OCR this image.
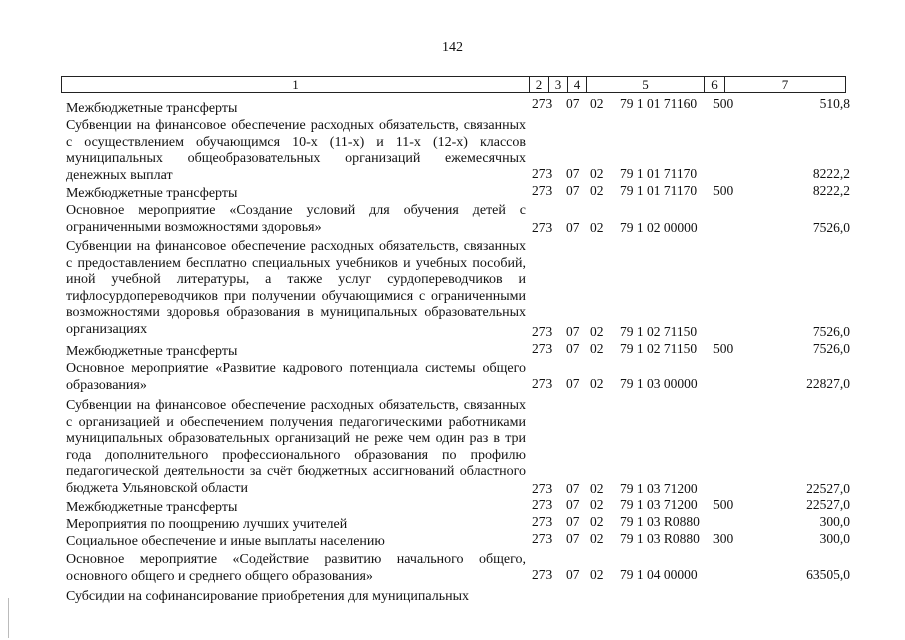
142
1	2 3 4	5	6	7
Межбюджетные трансферты	273 07 02 79 1 01 71160 500	510,8
Субвенции на финансовое обеспечение расходных обязательств, связанных с осуществлением обучающимся 10-х (11-х) и 11-х (12-х) классов муниципальных общеобразовательных организаций ежемесячных денежных выплат	273 07 02 79 1 01 71170	8222,2
Межбюджетные трансферты	273 07 02 79 1 01 71170 500	8222,2
Основное мероприятие «Создание условий для обучения детей с ограниченными возможностями здоровья»	273 07 02 79 1 02 00000	7526,0
Субвенции на финансовое обеспечение расходных обязательств, связанных с предоставлением бесплатно специальных учебников и учебных пособий, иной учебной литературы, а также услуг сурдопереводчиков и тифлосурдопереводчиков при получении обучающимися с ограниченными возможностями здоровья образования в муниципальных образовательных организациях	273 07 02 79 1 02 71150	7526,0
Межбюджетные трансферты	273 07 02 79 1 02 71150 500	7526,0
Основное мероприятие «Развитие кадрового потенциала системы общего образования»	273 07 02 79 1 03 00000	22827,0
Субвенции на финансовое обеспечение расходных обязательств, связанных с организацией и обеспечением получения педагогическими работниками муниципальных образовательных организаций не реже чем один раз в три года дополнительного профессионального образования по профилю педагогической деятельности за счёт бюджетных ассигнований областного бюджета Ульяновской области	273 07 02 79 1 03 71200	22527,0
Межбюджетные трансферты	273 07 02 79 1 03 71200 500	22527,0
Мероприятия по поощрению лучших учителей	273 07 02 79 1 03 R0880	300,0
Социальное обеспечение и иные выплаты населению	273 07 02 79 1 03 R0880 300	300,0
Основное мероприятие «Содействие развитию начального общего, основного общего и среднего общего образования»	273 07 02 79 1 04 00000	63505,0
Субсидии на софинансирование приобретения для муниципальных
